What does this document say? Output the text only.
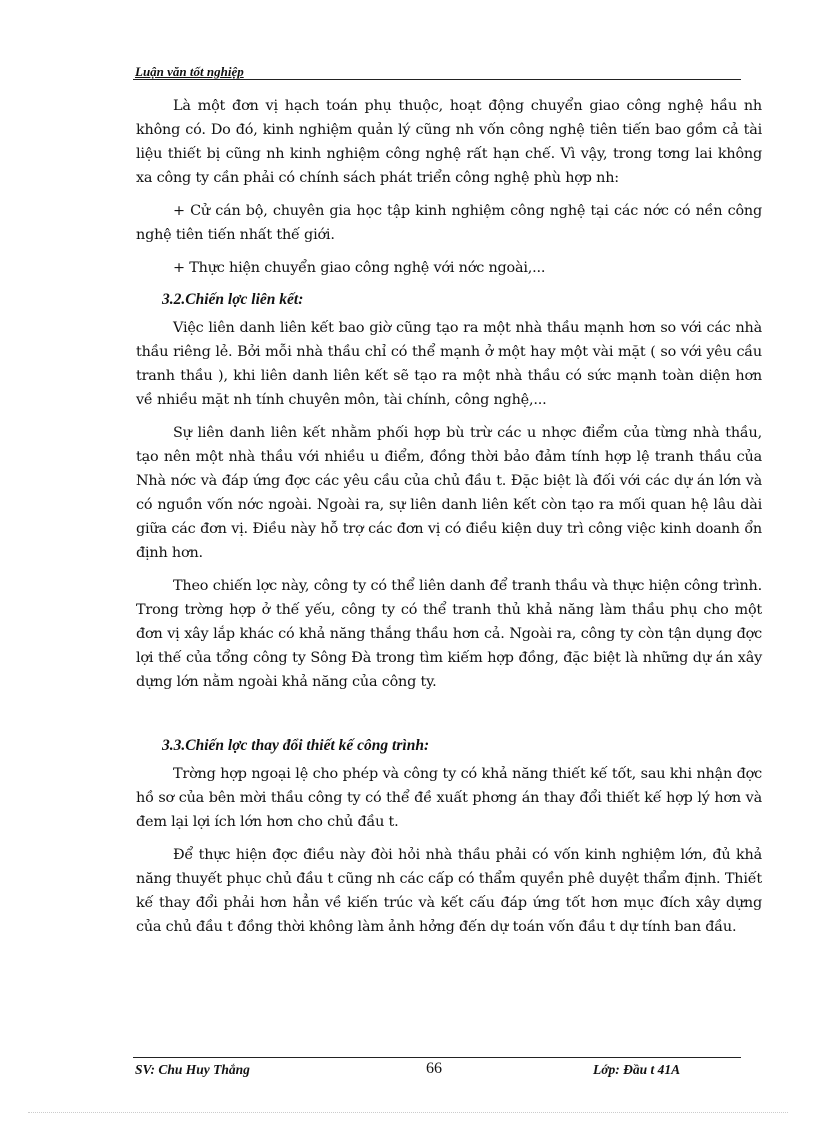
Luận văn tốt nghiệp

Là một đơn vị hạch toán phụ thuộc, hoạt động chuyển giao công nghệ hầu nh không có. Do đó, kinh nghiệm quản lý cũng nh vốn công nghệ tiên tiến bao gồm cả tài liệu thiết bị cũng nh kinh nghiệm công nghệ rất hạn chế. Vì vậy, trong tơng lai không xa công ty cần phải có chính sách phát triển công nghệ phù hợp nh:

+ Cử cán bộ, chuyên gia học tập kinh nghiệm công nghệ tại các nớc có nền công nghệ tiên tiến nhất thế giới.

+ Thực hiện chuyển giao công nghệ với nớc ngoài,...

3.2.Chiến lợc liên kết:

Việc liên danh liên kết bao giờ cũng tạo ra một nhà thầu mạnh hơn so với các nhà thầu riêng lẻ. Bởi mỗi nhà thầu chỉ có thể mạnh ở một hay một vài mặt ( so với yêu cầu tranh thầu ), khi liên danh liên kết sẽ tạo ra một nhà thầu có sức mạnh toàn diện hơn về nhiều mặt nh tính chuyên môn, tài chính, công nghệ,...

Sự liên danh liên kết nhằm phối hợp bù trừ các u nhợc điểm của từng nhà thầu, tạo nên một nhà thầu với nhiều u điểm, đồng thời bảo đảm tính hợp lệ tranh thầu của Nhà nớc và đáp ứng đợc các yêu cầu của chủ đầu t. Đặc biệt là đối với các dự án lớn và có nguồn vốn nớc ngoài. Ngoài ra, sự liên danh liên kết còn tạo ra mối quan hệ lâu dài giữa các đơn vị. Điều này hỗ trợ các đơn vị có điều kiện duy trì công việc kinh doanh ổn định hơn.

Theo chiến lợc này, công ty có thể liên danh để tranh thầu và thực hiện công trình. Trong trờng hợp ở thế yếu, công ty có thể tranh thủ khả năng làm thầu phụ cho một đơn vị xây lắp khác có khả năng thắng thầu hơn cả. Ngoài ra, công ty còn tận dụng đợc lợi thế của tổng công ty Sông Đà trong tìm kiếm hợp đồng, đặc biệt là những dự án xây dựng lớn nằm ngoài khả năng của công ty.

3.3.Chiến lợc thay đổi thiết kế công trình:

Trờng hợp ngoại lệ cho phép và công ty có khả năng thiết kế tốt, sau khi nhận đợc hồ sơ của bên mời thầu công ty có thể đề xuất phơng án thay đổi thiết kế hợp lý hơn và đem lại lợi ích lớn hơn cho chủ đầu t.

Để thực hiện đợc điều này đòi hỏi nhà thầu phải có vốn kinh nghiệm lớn, đủ khả năng thuyết phục chủ đầu t cũng nh các cấp có thẩm quyền phê duyệt thẩm định. Thiết kế thay đổi phải hơn hẳn về kiến trúc và kết cấu đáp ứng tốt hơn mục đích xây dựng của chủ đầu t đồng thời không làm ảnh hởng đến dự toán vốn đầu t dự tính ban đầu.

SV: Chu Huy Thắng	66	Lớp: Đầu t 41A
